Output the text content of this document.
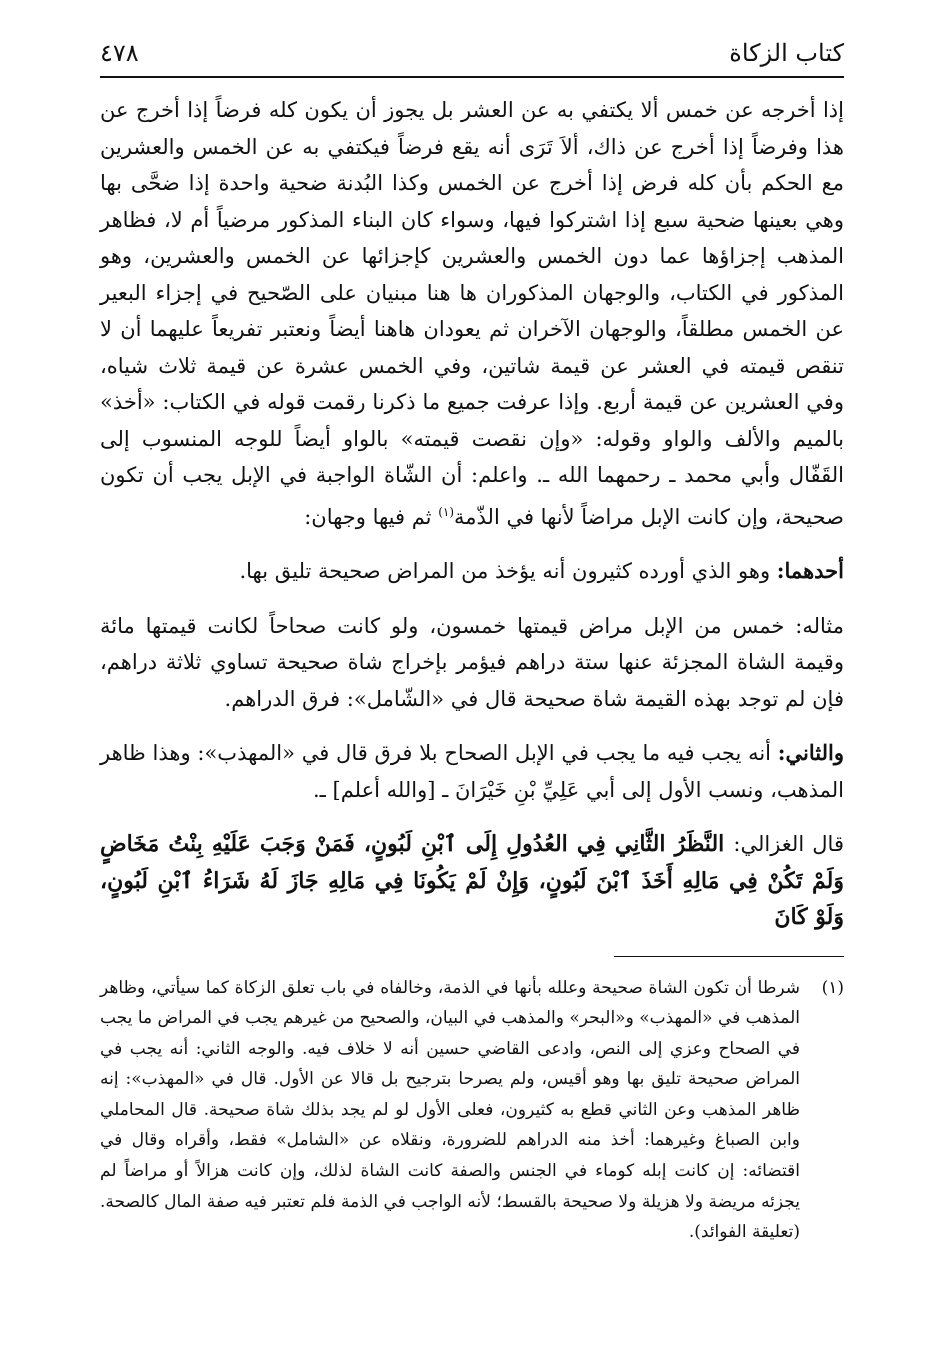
كتاب الزكاة
٤٧٨

إذا أخرجه عن خمس ألا يكتفي به عن العشر بل يجوز أن يكون كله فرضاً إذا أخرج عن هذا وفرضاً إذا أخرج عن ذاك، ألاَ تَرَى أنه يقع فرضاً فيكتفي به عن الخمس والعشرين مع الحكم بأن كله فرض إذا أخرج عن الخمس وكذا البُدنة ضحية واحدة إذا ضحَّى بها وهي بعينها ضحية سبع إذا اشتركوا فيها، وسواء كان البناء المذكور مرضياً أم لا، فظاهر المذهب إجزاؤها عما دون الخمس والعشرين كإجزائها عن الخمس والعشرين، وهو المذكور في الكتاب، والوجهان المذكوران ها هنا مبنيان على الصّحيح في إجزاء البعير عن الخمس مطلقاً، والوجهان الآخران ثم يعودان هاهنا أيضاً ونعتبر تفريعاً عليهما أن لا تنقص قيمته في العشر عن قيمة شاتين، وفي الخمس عشرة عن قيمة ثلاث شياه، وفي العشرين عن قيمة أربع. وإذا عرفت جميع ما ذكرنا رقمت قوله في الكتاب: «أخذ» بالميم والألف والواو وقوله: «وإن نقصت قيمته» بالواو أيضاً للوجه المنسوب إلى القَفّال وأبي محمد ـ رحمهما الله ـ. واعلم: أن الشّاة الواجبة في الإبل يجب أن تكون صحيحة، وإن كانت الإبل مراضاً لأنها في الذّمة$^{(١)}$ ثم فيها وجهان:

أحدهما: وهو الذي أورده كثيرون أنه يؤخذ من المراض صحيحة تليق بها.

مثاله: خمس من الإبل مراض قيمتها خمسون، ولو كانت صحاحاً لكانت قيمتها مائة وقيمة الشاة المجزئة عنها ستة دراهم فيؤمر بإخراج شاة صحيحة تساوي ثلاثة دراهم، فإن لم توجد بهذه القيمة شاة صحيحة قال في «الشّامل»: فرق الدراهم.

والثاني: أنه يجب فيه ما يجب في الإبل الصحاح بلا فرق قال في «المهذب»: وهذا ظاهر المذهب، ونسب الأول إلى أبي عَلِيِّ بْنِ خَيْرَانَ ـ [والله أعلم] ـ.

قال الغزالي: النَّظَرُ الثَّانِي فِي العُدُولِ إِلَى ٱبْنِ لَبُونٍ، فَمَنْ وَجَبَ عَلَيْهِ بِنْتُ مَخَاضٍ وَلَمْ تَكُنْ فِي مَالِهِ أَخَذَ ٱبْنَ لَبُونٍ، وَإِنْ لَمْ يَكُونَا فِي مَالِهِ جَازَ لَهُ شَرَاءُ ٱبْنِ لَبُونٍ، وَلَوْ كَانَ

(١)
شرطا أن تكون الشاة صحيحة وعلله بأنها في الذمة، وخالفاه في باب تعلق الزكاة كما سيأتي، وظاهر المذهب في «المهذب» و«البحر» والمذهب في البيان، والصحيح من غيرهم يجب في المراض ما يجب في الصحاح وعزي إلى النص، وادعى القاضي حسين أنه لا خلاف فيه. والوجه الثاني: أنه يجب في المراض صحيحة تليق بها وهو أقيس، ولم يصرحا بترجيح بل قالا عن الأول. قال في «المهذب»: إنه ظاهر المذهب وعن الثاني قطع به كثيرون، فعلى الأول لو لم يجد بذلك شاة صحيحة. قال المحاملي وابن الصباغ وغيرهما: أخذ منه الدراهم للضرورة، ونقلاه عن «الشامل» فقط، وأقراه وقال في اقتضائه: إن كانت إبله كوماء في الجنس والصفة كانت الشاة لذلك، وإن كانت هزالاً أو مراضاً لم يجزئه مريضة ولا هزيلة ولا صحيحة بالقسط؛ لأنه الواجب في الذمة فلم تعتبر فيه صفة المال كالصحة. (تعليقة الفوائد).
